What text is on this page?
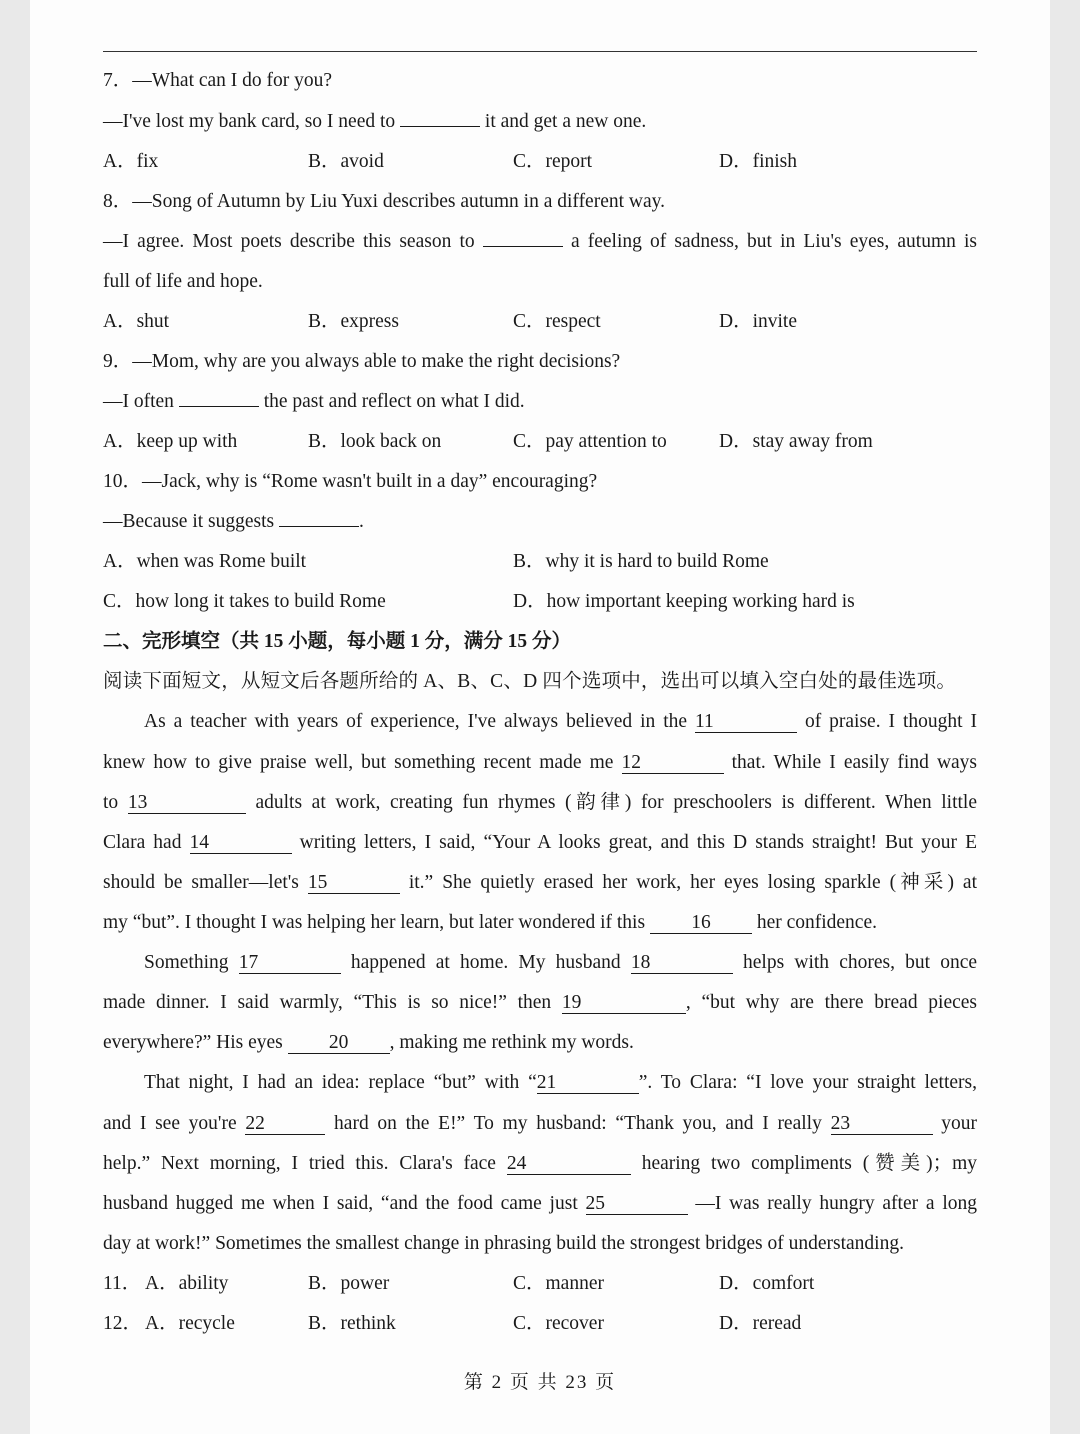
7．—What can I do for you?
—I've lost my bank card, so I need to	it and get a new one.
A．fix	B．avoid	C．report	D．finish
8．—Song of Autumn by Liu Yuxi describes autumn in a different way.
—I agree. Most poets describe this season to	a feeling of sadness, but in Liu's eyes, autumn is
full of life and hope.
A．shut	B．express	C．respect	D．invite
9．—Mom, why are you always able to make the right decisions?
—I often	the past and reflect on what I did.
A．keep up with	B．look back on	C．pay attention to	D．stay away from
10．—Jack, why is “Rome wasn't built in a day” encouraging?
—Because it suggests	.
A．when was Rome built	B．why it is hard to build Rome
C．how long it takes to build Rome	D．how important keeping working hard is
二、完形填空（共 15 小题，每小题 1 分，满分 15 分）
阅读下面短文，从短文后各题所给的 A、B、C、D 四个选项中，选出可以填入空白处的最佳选项。
As a teacher with years of experience, I've always believed in the 11	of praise. I thought I
knew how to give praise well, but something recent made me 12	that. While I easily find ways
to 13	adults at work, creating fun rhymes (韵律) for preschoolers is different. When little
Clara had 14	writing letters, I said, “Your A looks great, and this D stands straight! But your E
should be smaller—let's 15	it.” She quietly erased her work, her eyes losing sparkle (神采) at
my “but”. I thought I was helping her learn, but later wondered if this 16 her confidence.
Something 17	happened at home. My husband 18	helps with chores, but once
made dinner. I said warmly, “This is so nice!” then 19	, “but why are there bread pieces
everywhere?” His eyes 20 , making me rethink my words.
That night, I had an idea: replace “but” with “21	”. To Clara: “I love your straight letters,
and I see you're 22	hard on the E!” To my husband: “Thank you, and I really 23	your
help.” Next morning, I tried this. Clara's face 24	hearing two compliments (赞美)；my
husband hugged me when I said, “and the food came just 25	—I was really hungry after a long
day at work!” Sometimes the smallest change in phrasing build the strongest bridges of understanding.
11． A．ability	B．power	C．manner	D．comfort
12． A．recycle	B．rethink	C．recover	D．reread
第 2 页 共 23 页
